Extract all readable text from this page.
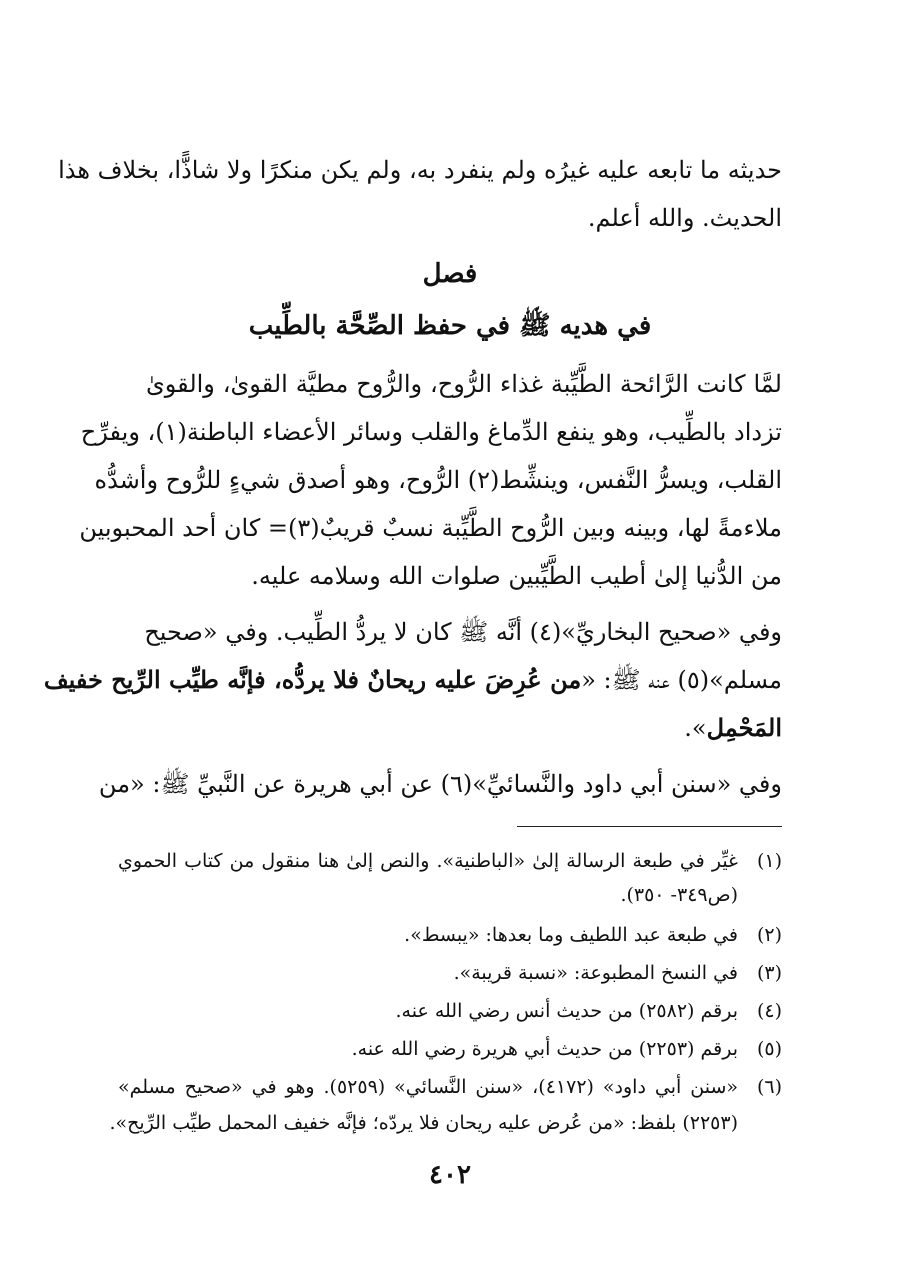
حديثه ما تابعه عليه غيرُه ولم ينفرد به، ولم يكن منكرًا ولا شاذًّا، بخلاف هذا
الحديث. والله أعلم.
فصل
في هديه ﷺ في حفظ الصِّحَّة بالطِّيب
لمَّا كانت الرَّائحة الطَّيِّبة غذاء الرُّوح، والرُّوح مطيَّة القوىٰ، والقوىٰ
تزداد بالطِّيب، وهو ينفع الدِّماغ والقلب وسائر الأعضاء الباطنة(١)، ويفرِّح
القلب، ويسرُّ النَّفس، وينشِّط(٢) الرُّوح، وهو أصدق شيءٍ للرُّوح وأشدُّه
ملاءمةً لها، وبينه وبين الرُّوح الطَّيِّبة نسبٌ قريبٌ(٣)= كان أحد المحبوبين
من الدُّنيا إلىٰ أطيب الطَّيِّبين صلوات الله وسلامه عليه.
وفي «صحيح البخاريِّ»(٤) أنَّه ﷺ كان لا يردُّ الطِّيب. وفي «صحيح
مسلم»(٥) عنه ﷺ: «من عُرِضَ عليه ريحانٌ فلا يردُّه، فإنَّه طيِّب الرِّيح خفيف
المَحْمِل».
وفي «سنن أبي داود والنَّسائيِّ»(٦) عن أبي هريرة عن النَّبيِّ ﷺ: «من
(١)غيِّر في طبعة الرسالة إلىٰ «الباطنية». والنص إلىٰ هنا منقول من كتاب الحموي
(ص٣٤٩- ٣٥٠).
(٢)في طبعة عبد اللطيف وما بعدها: «يبسط».
(٣)في النسخ المطبوعة: «نسبة قريبة».
(٤)برقم (٢٥٨٢) من حديث أنس رضي الله عنه.
(٥)برقم (٢٢٥٣) من حديث أبي هريرة رضي الله عنه.
(٦)«سنن أبي داود» (٤١٧٢)، «سنن النَّسائي» (٥٢٥٩). وهو في «صحيح مسلم»
(٢٢٥٣) بلفظ: «من عُرض عليه ريحان فلا يردّه؛ فإنَّه خفيف المحمل طيِّب الرِّيح».
٤٠٢
